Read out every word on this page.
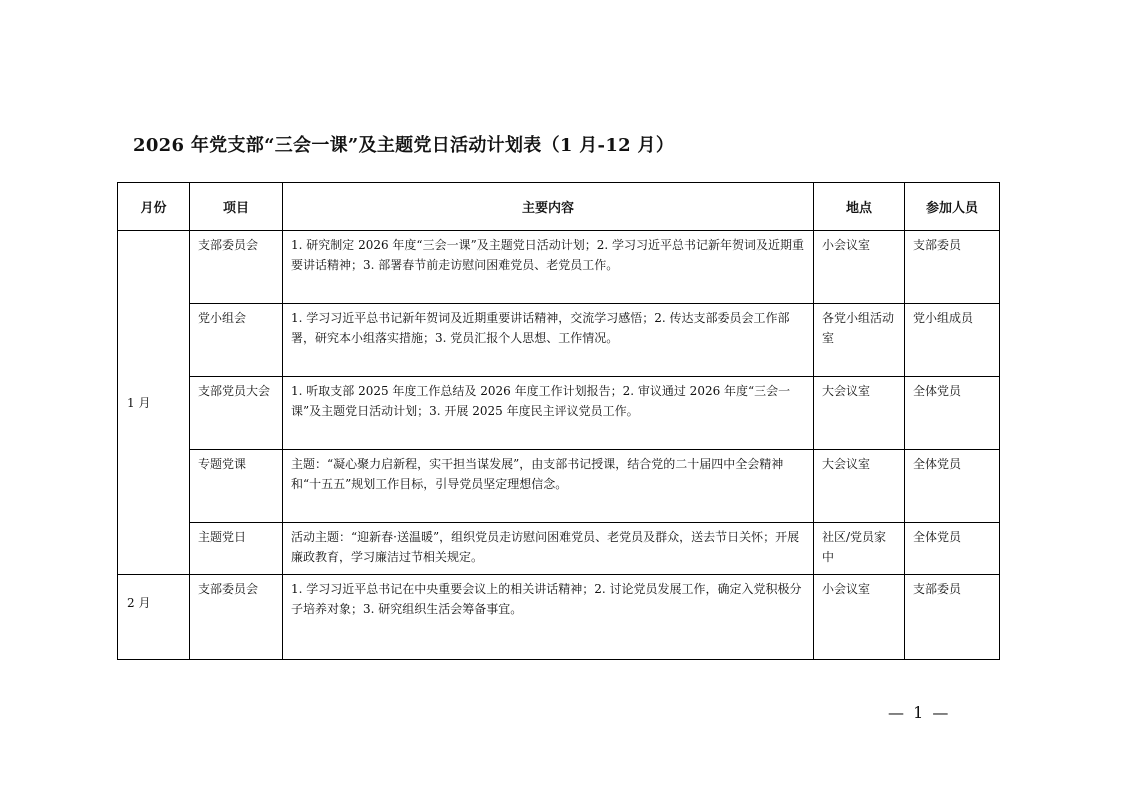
2026 年党支部“三会一课”及主题党日活动计划表（1 月-12 月）
月份	项目	主要内容	地点	参加人员
1 月	支部委员会	1. 研究制定 2026 年度“三会一课”及主题党日活动计划；2. 学习习近平总书记新年贺词及近期重要讲话精神；3. 部署春节前走访慰问困难党员、老党员工作。	小会议室	支部委员
	党小组会	1. 学习习近平总书记新年贺词及近期重要讲话精神，交流学习感悟；2. 传达支部委员会工作部署，研究本小组落实措施；3. 党员汇报个人思想、工作情况。	各党小组活动室	党小组成员
	支部党员大会	1. 听取支部 2025 年度工作总结及 2026 年度工作计划报告；2. 审议通过 2026 年度“三会一课”及主题党日活动计划；3. 开展 2025 年度民主评议党员工作。	大会议室	全体党员
	专题党课	主题：“凝心聚力启新程，实干担当谋发展”，由支部书记授课，结合党的二十届四中全会精神和“十五五”规划工作目标，引导党员坚定理想信念。	大会议室	全体党员
	主题党日	活动主题：“迎新春·送温暖”，组织党员走访慰问困难党员、老党员及群众，送去节日关怀；开展廉政教育，学习廉洁过节相关规定。	社区/党员家中	全体党员
2 月	支部委员会	1. 学习习近平总书记在中央重要会议上的相关讲话精神；2. 讨论党员发展工作，确定入党积极分子培养对象；3. 研究组织生活会筹备事宜。	小会议室	支部委员
— 1 —
